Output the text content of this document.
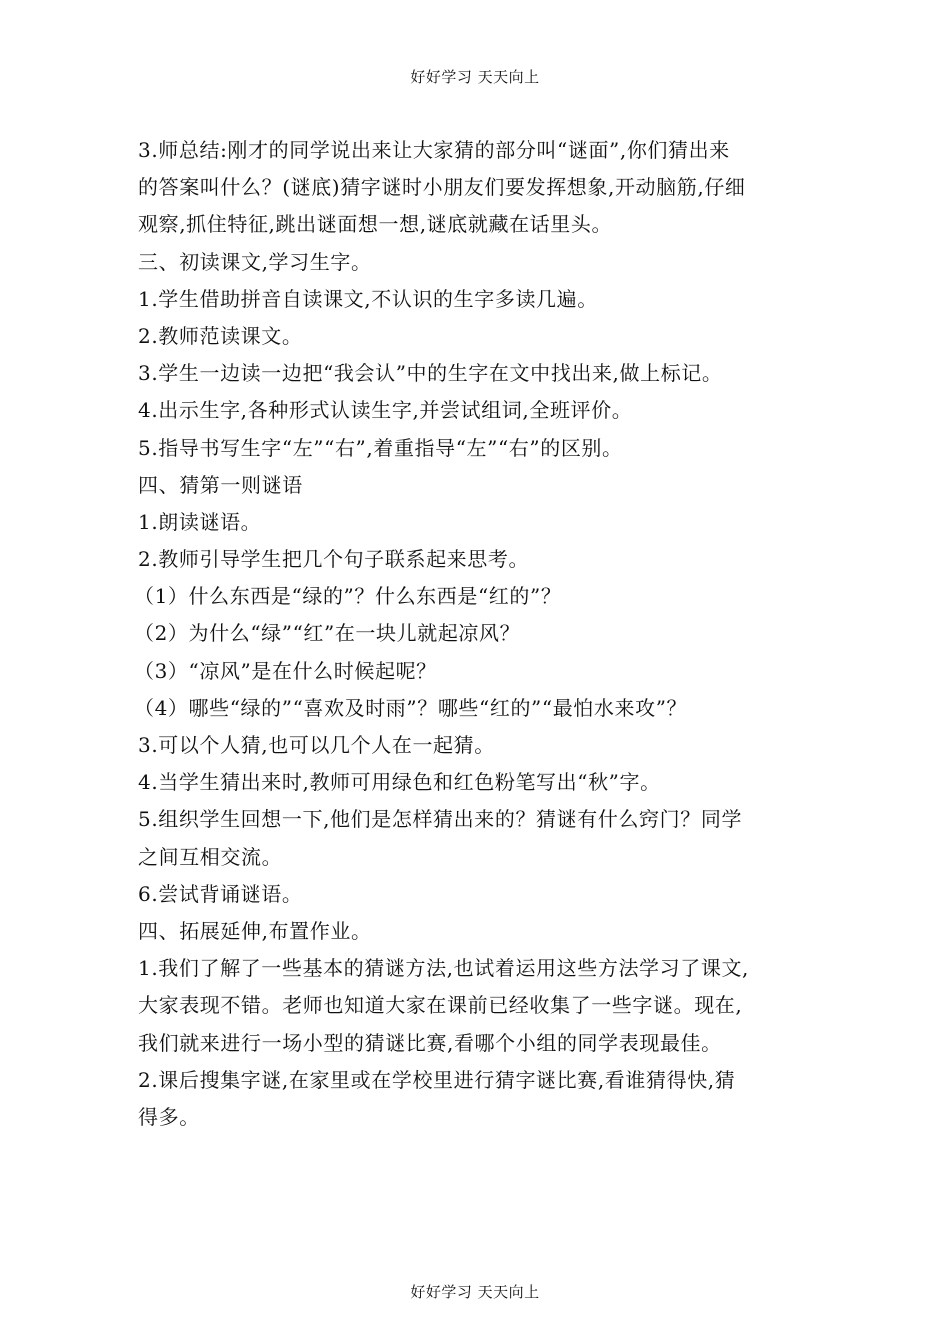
好好学习 天天向上
3.师总结:刚才的同学说出来让大家猜的部分叫“谜面”,你们猜出来
的答案叫什么？(谜底)猜字谜时小朋友们要发挥想象,开动脑筋,仔细
观察,抓住特征,跳出谜面想一想,谜底就藏在话里头。
三、初读课文,学习生字。
1.学生借助拼音自读课文,不认识的生字多读几遍。
2.教师范读课文。
3.学生一边读一边把“我会认”中的生字在文中找出来,做上标记。
4.出示生字,各种形式认读生字,并尝试组词,全班评价。
5.指导书写生字“左”“右”,着重指导“左”“右”的区别。
四、猜第一则谜语
1.朗读谜语。
2.教师引导学生把几个句子联系起来思考。
（1）什么东西是“绿的”？什么东西是“红的”？
（2）为什么“绿”“红”在一块儿就起凉风？
（3）“凉风”是在什么时候起呢？
（4）哪些“绿的”“喜欢及时雨”？哪些“红的”“最怕水来攻”？
3.可以个人猜,也可以几个人在一起猜。
4.当学生猜出来时,教师可用绿色和红色粉笔写出“秋”字。
5.组织学生回想一下,他们是怎样猜出来的？猜谜有什么窍门？同学
之间互相交流。
6.尝试背诵谜语。
四、拓展延伸,布置作业。
1.我们了解了一些基本的猜谜方法,也试着运用这些方法学习了课文,
大家表现不错。老师也知道大家在课前已经收集了一些字谜。现在,
我们就来进行一场小型的猜谜比赛,看哪个小组的同学表现最佳。
2.课后搜集字谜,在家里或在学校里进行猜字谜比赛,看谁猜得快,猜
得多。
好好学习 天天向上
